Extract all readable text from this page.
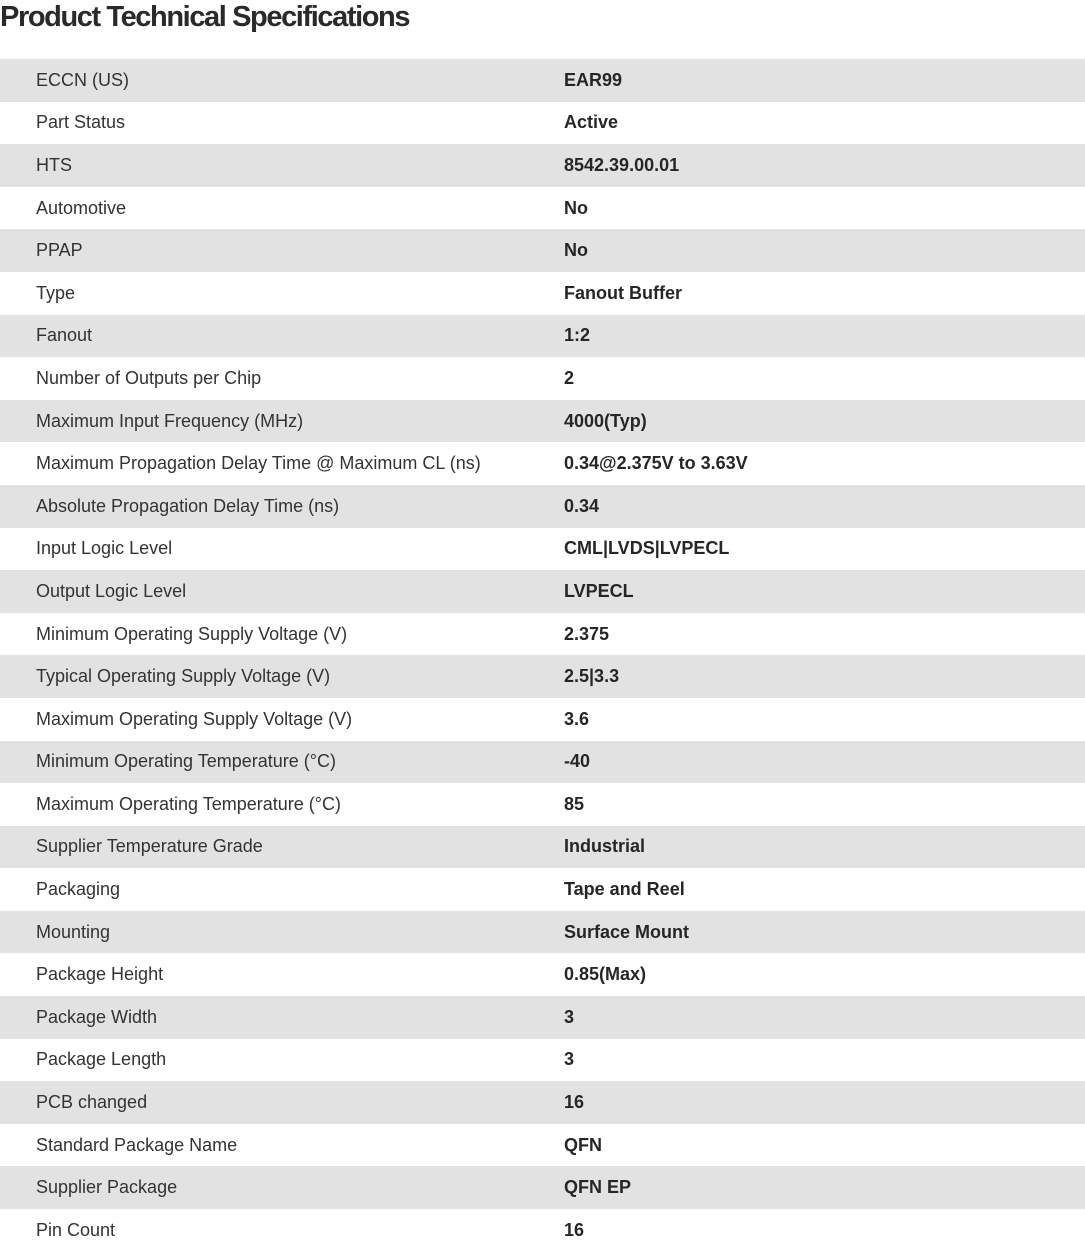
Product Technical Specifications
ECCN (US)	EAR99
Part Status	Active
HTS	8542.39.00.01
Automotive	No
PPAP	No
Type	Fanout Buffer
Fanout	1:2
Number of Outputs per Chip	2
Maximum Input Frequency (MHz)	4000(Typ)
Maximum Propagation Delay Time @ Maximum CL (ns)	0.34@2.375V to 3.63V
Absolute Propagation Delay Time (ns)	0.34
Input Logic Level	CML|LVDS|LVPECL
Output Logic Level	LVPECL
Minimum Operating Supply Voltage (V)	2.375
Typical Operating Supply Voltage (V)	2.5|3.3
Maximum Operating Supply Voltage (V)	3.6
Minimum Operating Temperature (°C)	-40
Maximum Operating Temperature (°C)	85
Supplier Temperature Grade	Industrial
Packaging	Tape and Reel
Mounting	Surface Mount
Package Height	0.85(Max)
Package Width	3
Package Length	3
PCB changed	16
Standard Package Name	QFN
Supplier Package	QFN EP
Pin Count	16
